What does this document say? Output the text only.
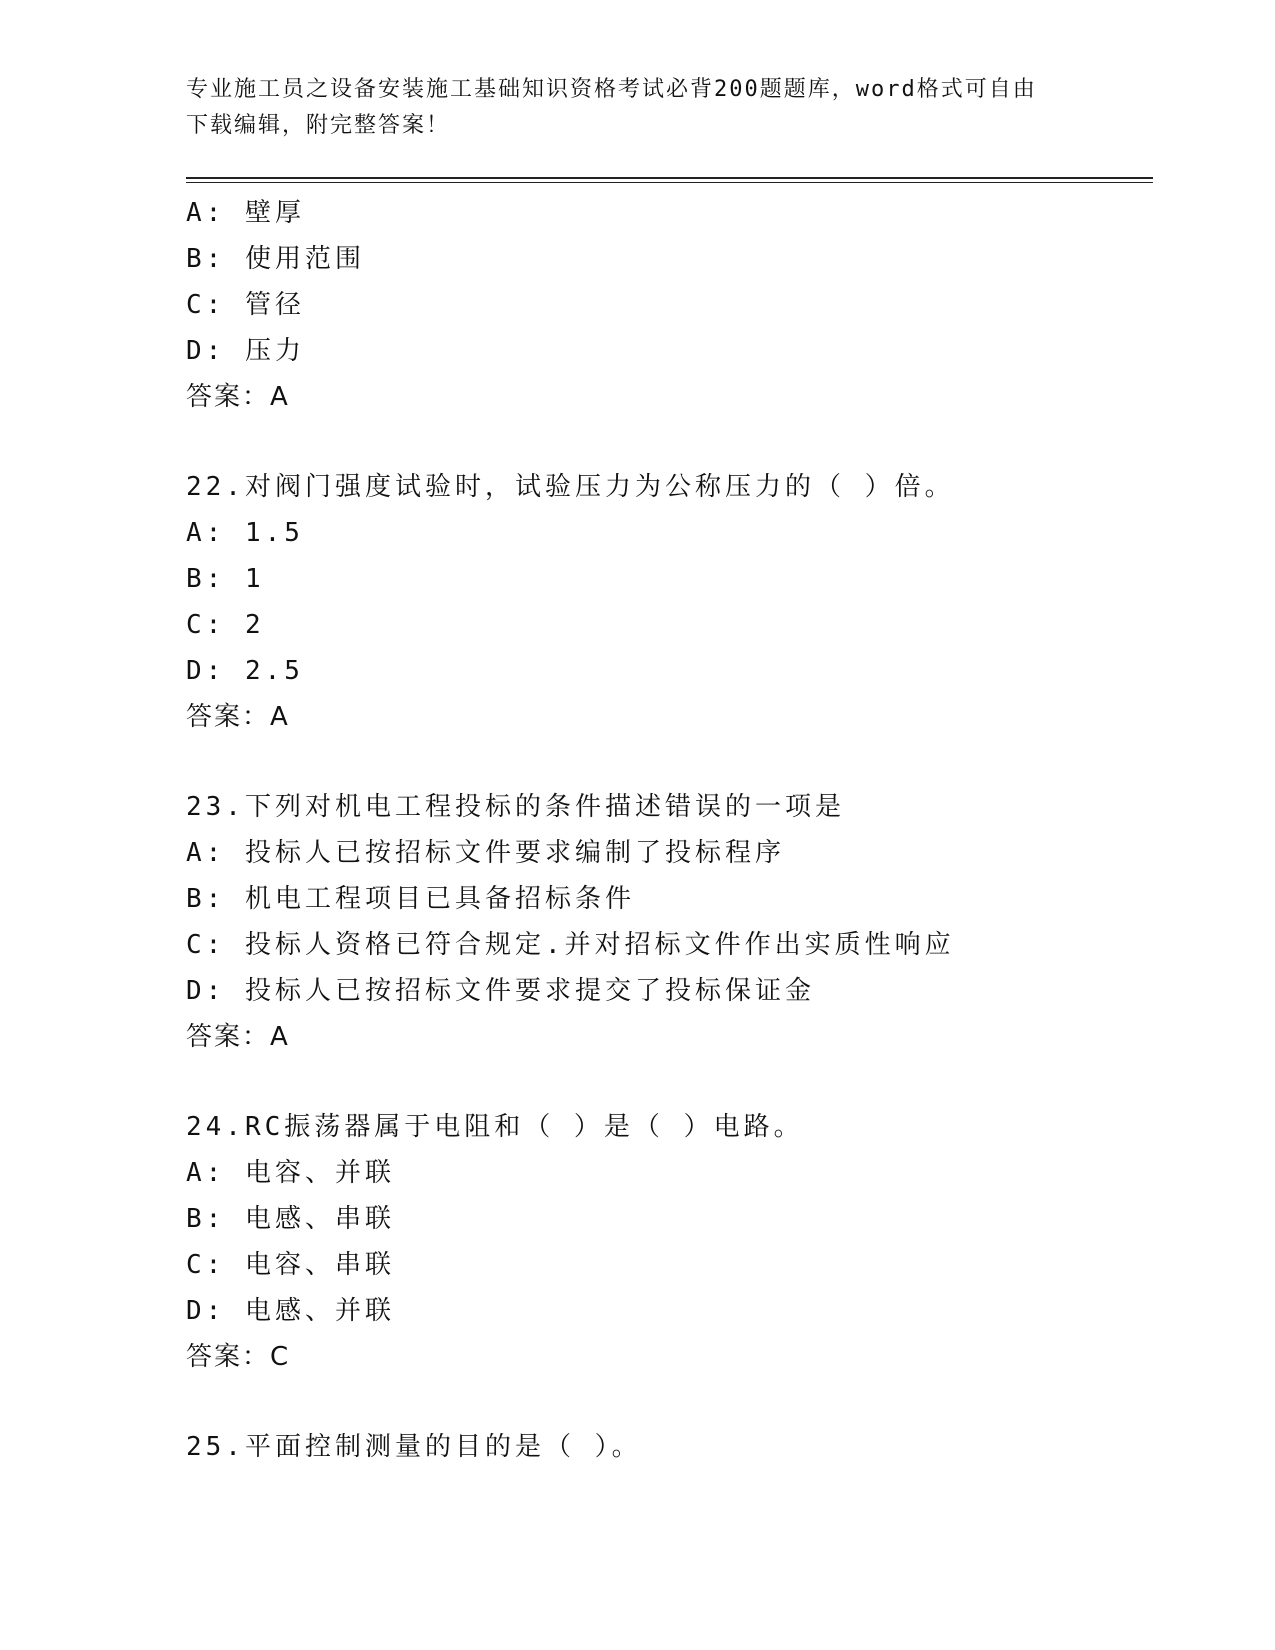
专业施工员之设备安装施工基础知识资格考试必背200题题库，word格式可自由
下载编辑，附完整答案！
A: 壁厚
B: 使用范围
C: 管径
D: 压力
答案：A
22.对阀门强度试验时，试验压力为公称压力的（ ）倍。
A: 1.5
B: 1
C: 2
D: 2.5
答案：A
23.下列对机电工程投标的条件描述错误的一项是
A: 投标人已按招标文件要求编制了投标程序
B: 机电工程项目已具备招标条件
C: 投标人资格已符合规定.并对招标文件作出实质性响应
D: 投标人已按招标文件要求提交了投标保证金
答案：A
24.RC振荡器属于电阻和（ ）是（ ）电路。
A: 电容、并联
B: 电感、串联
C: 电容、串联
D: 电感、并联
答案：C
25.平面控制测量的目的是（ ）。
